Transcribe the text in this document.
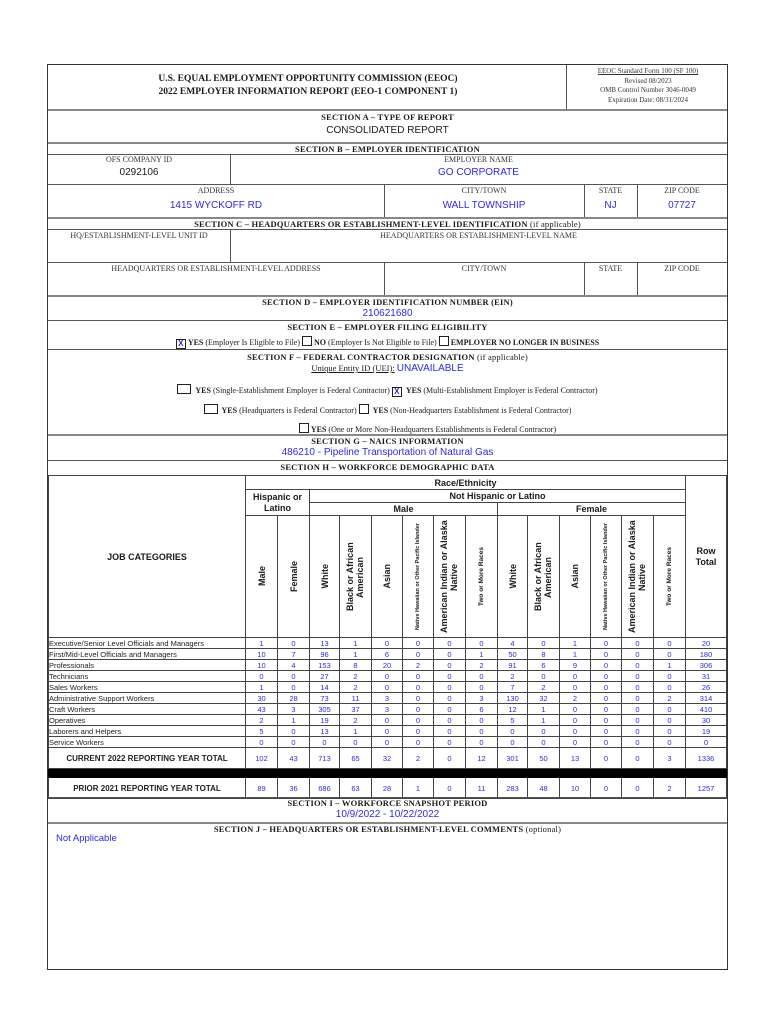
U.S. EQUAL EMPLOYMENT OPPORTUNITY COMMISSION (EEOC)
2022 EMPLOYER INFORMATION REPORT (EEO-1 COMPONENT 1)
EEOC Standard Form 100 (SF 100)
Revised 08/2023
OMB Control Number 3046-0049
Expiration Date: 08/31/2024
SECTION A – TYPE OF REPORT
CONSOLIDATED REPORT
SECTION B – EMPLOYER IDENTIFICATION
OFS COMPANY ID
0292106
EMPLOYER NAME
GO CORPORATE
ADDRESS
1415 WYCKOFF RD
CITY/TOWN
WALL TOWNSHIP
STATE
NJ
ZIP CODE
07727
SECTION C – HEADQUARTERS OR ESTABLISHMENT-LEVEL IDENTIFICATION (if applicable)
HQ/ESTABLISHMENT-LEVEL UNIT ID	HEADQUARTERS OR ESTABLISHMENT-LEVEL NAME
HEADQUARTERS OR ESTABLISHMENT-LEVEL ADDRESS	CITY/TOWN	STATE	ZIP CODE
SECTION D – EMPLOYER IDENTIFICATION NUMBER (EIN)
210621680
SECTION E – EMPLOYER FILING ELIGIBILITY
X YES (Employer Is Eligible to File) NO (Employer Is Not Eligible to File) EMPLOYER NO LONGER IN BUSINESS
SECTION F – FEDERAL CONTRACTOR DESIGNATION (if applicable)
Unique Entity ID (UEI): UNAVAILABLE
YES (Single-Establishment Employer is Federal Contractor) X YES (Multi-Establishment Employer is Federal Contractor)
YES (Headquarters is Federal Contractor) YES (Non-Headquarters Establishment is Federal Contractor)
YES (One or More Non-Headquarters Establishments is Federal Contractor)
SECTION G – NAICS INFORMATION
486210 - Pipeline Transportation of Natural Gas
SECTION H – WORKFORCE DEMOGRAPHIC DATA
JOB CATEGORIES	Race/Ethnicity														Row Total

	Hispanic or Latino		Not Hispanic or Latino												
			Male						Female						

	Male	Female	White	Black or African American	Asian	Native Hawaiian or Other Pacific Islander	American Indian or Alaska Native	Two or More Races	White	Black or African American	Asian	Native Hawaiian or Other Pacific Islander	American Indian or Alaska Native	Two or More Races	

Executive/Senior Level Officials and Managers	1	0	13	1	0	0	0	0	4	0	1	0	0	0	20
First/Mid-Level Officials and Managers	10	7	96	1	6	0	0	1	50	8	1	0	0	0	180
Professionals	10	4	153	8	20	2	0	2	91	6	9	0	0	1	306
Technicians	0	0	27	2	0	0	0	0	2	0	0	0	0	0	31
Sales Workers	1	0	14	2	0	0	0	0	7	2	0	0	0	0	26
Administrative Support Workers	30	28	73	11	3	0	0	3	130	32	2	0	0	2	314
Craft Workers	43	3	305	37	3	0	0	6	12	1	0	0	0	0	410
Operatives	2	1	19	2	0	0	0	0	5	1	0	0	0	0	30
Laborers and Helpers	5	0	13	1	0	0	0	0	0	0	0	0	0	0	19
Service Workers	0	0	0	0	0	0	0	0	0	0	0	0	0	0	0
CURRENT 2022 REPORTING YEAR TOTAL	102	43	713	65	32	2	0	12	301	50	13	0	0	3	1336

PRIOR 2021 REPORTING YEAR TOTAL	89	36	686	63	28	1	0	11	283	48	10	0	0	2	1257
SECTION I – WORKFORCE SNAPSHOT PERIOD
10/9/2022 - 10/22/2022
SECTION J – HEADQUARTERS OR ESTABLISHMENT-LEVEL COMMENTS (optional)
Not Applicable
